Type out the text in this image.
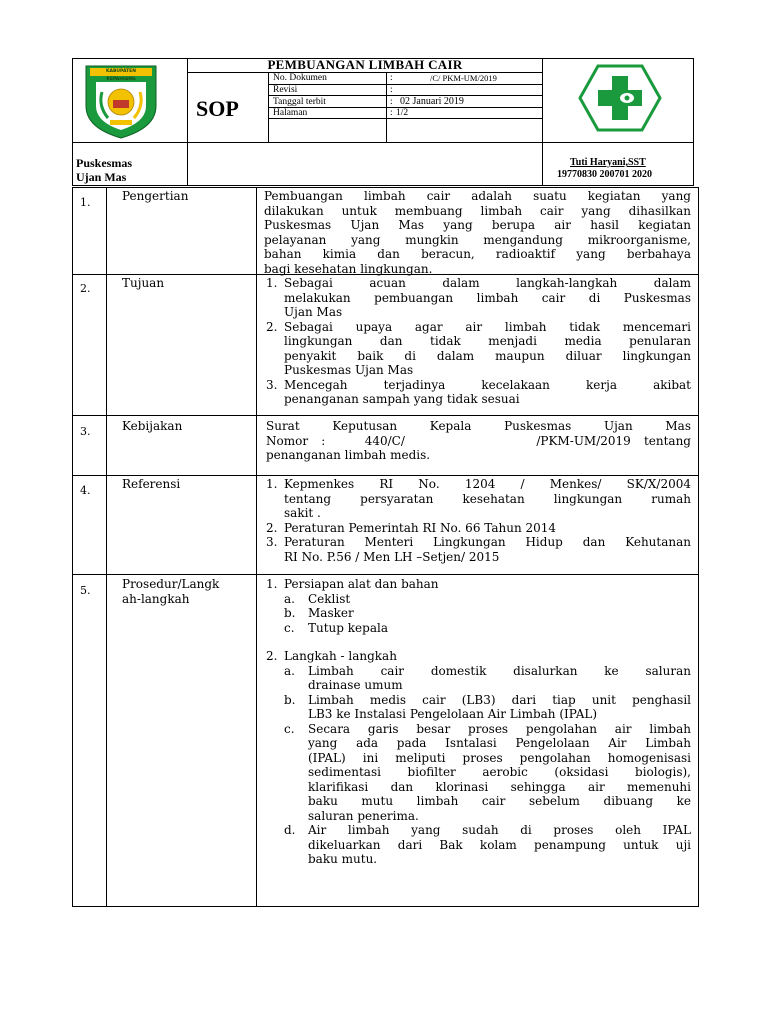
KABUPATEN KEPAHIANG
PEMBUANGAN LIMBAH CAIR
SOP
No. Dokumen	:	/C/ PKM-UM/2019
Revisi	:
Tanggal terbit	: 02 Januari 2019
Halaman	: 1/2
Puskesmas
Ujan Mas
Tuti Haryani,SST
19770830 200701 2020
1.	Pengertian	Pembuangan limbah cair adalah suatu kegiatan yang
dilakukan untuk membuang limbah cair yang dihasilkan
Puskesmas Ujan Mas yang berupa air hasil kegiatan
pelayanan yang mungkin mengandung mikroorganisme,
bahan kimia dan beracun, radioaktif yang berbahaya
bagi kesehatan lingkungan.
2.	Tujuan	1. Sebagai acuan dalam langkah-langkah dalam
melakukan pembuangan limbah cair di Puskesmas
Ujan Mas
2. Sebagai upaya agar air limbah tidak mencemari
lingkungan dan tidak menjadi media penularan
penyakit baik di dalam maupun diluar lingkungan
Puskesmas Ujan Mas
3. Mencegah terjadinya kecelakaan kerja akibat
penanganan sampah yang tidak sesuai
3.	Kebijakan	Surat Keputusan Kepala Puskesmas Ujan Mas
Nomor :   440/C/          /PKM-UM/2019 tentang
penanganan limbah medis.
4.	Referensi	1. Kepmenkes RI No. 1204 / Menkes/ SK/X/2004
tentang persyaratan kesehatan lingkungan rumah
sakit .
2. Peraturan Pemerintah RI No. 66 Tahun 2014
3. Peraturan Menteri Lingkungan Hidup dan Kehutanan
RI No. P.56 / Men LH –Setjen/ 2015
5.	Prosedur/Langk
ah-langkah
1. Persiapan alat dan bahan
a.	Ceklist
b.	Masker
c.	Tutup kepala
2. Langkah - langkah
a.	Limbah cair domestik disalurkan ke saluran
drainase umum
b.	Limbah medis cair (LB3) dari tiap unit penghasil
LB3 ke Instalasi Pengelolaan Air Limbah (IPAL)
c.	Secara garis besar proses pengolahan air limbah
yang ada pada Isntalasi Pengelolaan Air Limbah
(IPAL) ini meliputi proses pengolahan homogenisasi
sedimentasi biofilter aerobic (oksidasi biologis),
klarifikasi dan klorinasi sehingga air memenuhi
baku mutu limbah cair sebelum dibuang ke
saluran penerima.
d.	Air limbah yang sudah di proses oleh IPAL
dikeluarkan dari Bak kolam penampung untuk uji
baku mutu.
